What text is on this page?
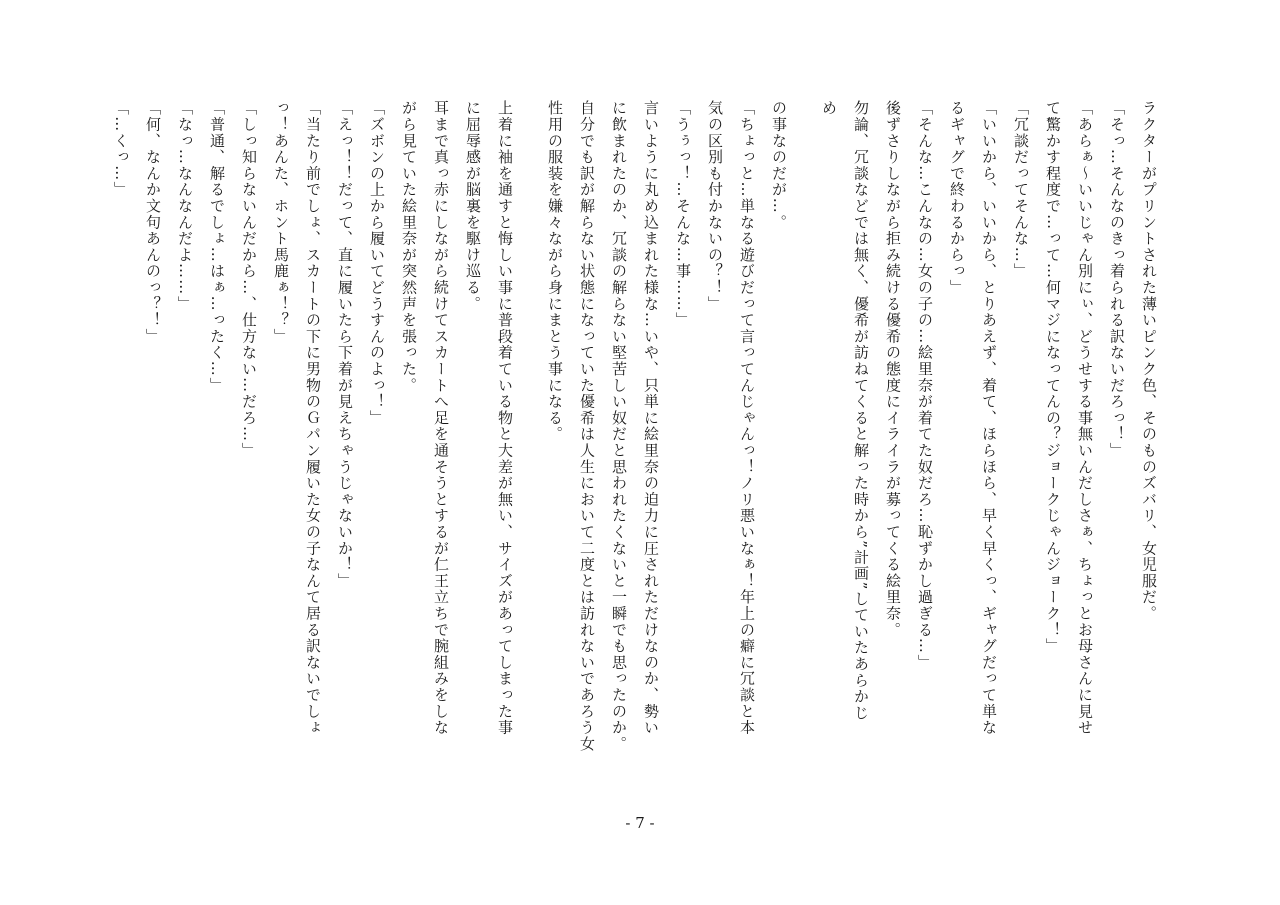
ラクターがプリントされた薄いピンク色、そのものズバリ、女児服だ。
「そっ…そんなのきっ着られる訳ないだろっ！」
「あらぁ～いいじゃん別にぃ、どうせする事無いんだしさぁ、ちょっとお母さんに見せ
て驚かす程度で…って…何マジになってんの？ジョークじゃんジョーク！」
「冗談だってそんな…」
「いいから、いいから、とりあえず、着て、ほらほら、早く早くっ、ギャグだって単な
るギャグで終わるからっ」
「そんな…こんなの…女の子の…絵里奈が着てた奴だろ…恥ずかし過ぎる…」
後ずさりしながら拒み続ける優希の態度にイライラが募ってくる絵里奈。
勿論、冗談などでは無く、優希が訪ねてくると解った時から”計画”していたあらかじ
め
の事なのだが…。
「ちょっと…単なる遊びだって言ってんじゃんっ！ノリ悪いなぁ！年上の癖に冗談と本
気の区別も付かないの？！」
「うぅっ！…そんな…事……」
言いように丸め込まれた様な…いや、只単に絵里奈の迫力に圧されただけなのか、勢い
に飲まれたのか、冗談の解らない堅苦しい奴だと思われたくないと一瞬でも思ったのか。
自分でも訳が解らない状態になっていた優希は人生において二度とは訪れないであろう女
性用の服装を嫌々ながら身にまとう事になる。
上着に袖を通すと悔しい事に普段着ている物と大差が無い、サイズがあってしまった事
に屈辱感が脳裏を駆け巡る。
耳まで真っ赤にしながら続けてスカートへ足を通そうとするが仁王立ちで腕組みをしな
がら見ていた絵里奈が突然声を張った。
「ズボンの上から履いてどうすんのよっ！」
「えっ！！だって、直に履いたら下着が見えちゃうじゃないか！」
「当たり前でしょ、スカートの下に男物のＧパン履いた女の子なんて居る訳ないでしょ
っ！あんた、ホント馬鹿ぁ！？」
「しっ知らないんだから…、仕方ない…だろ…」
「普通、解るでしょ…はぁ…ったく…」
「なっ…なんなんだよ……」
「何、なんか文句あんのっ？！」
「…くっ…」
- 7 -
